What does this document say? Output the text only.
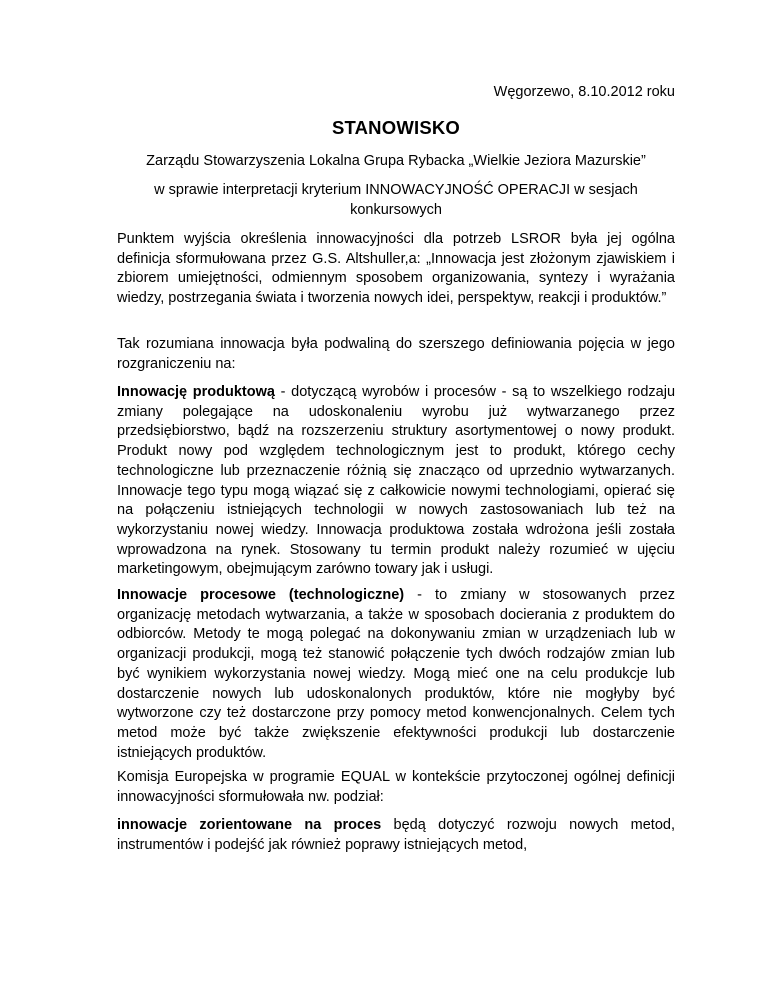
Węgorzewo, 8.10.2012 roku
STANOWISKO
Zarządu Stowarzyszenia Lokalna Grupa Rybacka „Wielkie Jeziora Mazurskie”
w sprawie interpretacji kryterium INNOWACYJNOŚĆ OPERACJI w sesjach
konkursowych

Punktem wyjścia określenia innowacyjności dla potrzeb LSROR była jej ogólna definicja sformułowana przez G.S. Altshuller,a: „Innowacja jest złożonym zjawiskiem i zbiorem umiejętności, odmiennym sposobem organizowania, syntezy i wyrażania wiedzy, postrzegania świata i tworzenia nowych idei, perspektyw, reakcji i produktów.”

Tak rozumiana innowacja była podwaliną do szerszego definiowania pojęcia w jego rozgraniczeniu na:

Innowację produktową - dotyczącą wyrobów i procesów - są to wszelkiego rodzaju zmiany polegające na udoskonaleniu wyrobu już wytwarzanego przez przedsiębiorstwo, bądź na rozszerzeniu struktury asortymentowej o nowy produkt. Produkt nowy pod względem technologicznym jest to produkt, którego cechy technologiczne lub przeznaczenie różnią się znacząco od uprzednio wytwarzanych. Innowacje tego typu mogą wiązać się z całkowicie nowymi technologiami, opierać się na połączeniu istniejących technologii w nowych zastosowaniach lub też na wykorzystaniu nowej wiedzy. Innowacja produktowa została wdrożona jeśli została wprowadzona na rynek. Stosowany tu termin produkt należy rozumieć w ujęciu marketingowym, obejmującym zarówno towary jak i usługi.

Innowacje procesowe (technologiczne) - to zmiany w stosowanych przez organizację metodach wytwarzania, a także w sposobach docierania z produktem do odbiorców. Metody te mogą polegać na dokonywaniu zmian w urządzeniach lub w organizacji produkcji, mogą też stanowić połączenie tych dwóch rodzajów zmian lub być wynikiem wykorzystania nowej wiedzy. Mogą mieć one na celu produkcje lub dostarczenie nowych lub udoskonalonych produktów, które nie mogłyby być wytworzone czy też dostarczone przy pomocy metod konwencjonalnych. Celem tych metod może być także zwiększenie efektywności produkcji lub dostarczenie istniejących produktów.

Komisja Europejska w programie EQUAL w kontekście przytoczonej ogólnej definicji innowacyjności sformułowała nw. podział:

innowacje zorientowane na proces będą dotyczyć rozwoju nowych metod, instrumentów i podejść jak również poprawy istniejących metod,
